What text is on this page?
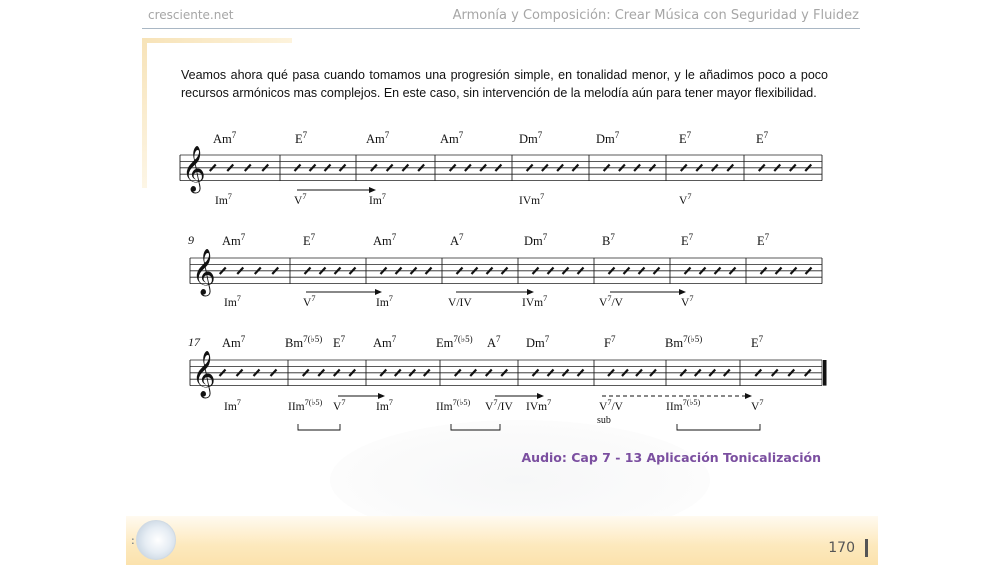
cresciente.net	Armonía y Composición: Crear Música con Seguridad y Fluidez
Veamos ahora qué pasa cuando tomamos una progresión simple, en tonalidad menor, y le añadimos poco a poco recursos armónicos mas complejos. En este caso, sin intervención de la melodía aún para tener mayor flexibilidad.
𝄞
Am$^7$	$E^7$	Am$^7$	Am$^7$	Dm$^7$	Dm$^7$	$E^7$	$E^7$
Im$^7$	$V^7$	Im$^7$	IVm$^7$	$V^7$
𝄞
9 Am$^7$	$E^7$	Am$^7$	$A^7$	Dm$^7$	$B^7$	$E^7$	$E^7$
Im$^7$	$V^7$	Im$^7$	V/IV	IVm$^7$	$V^7/V$	$V^7$
𝄞
17
sub
Am$^7$	$Bm^{7(♭5)}$ $E^7$ Am$^7$	$Em^{7(♭5)}$ $A^7$ Dm$^7$	$F^7$	$Bm^{7(♭5)}$	$E^7$
Im$^7$	IIm$^{7(♭5)}$ $V^7$	Im$^7$	IIm$^{7(♭5)}$ $V^7/IV$ IVm$^7$	$V^7/V$	IIm$^{7(♭5)}$	$V^7$
Audio: Cap 7 - 13 Aplicación Tonicalización
:	170
